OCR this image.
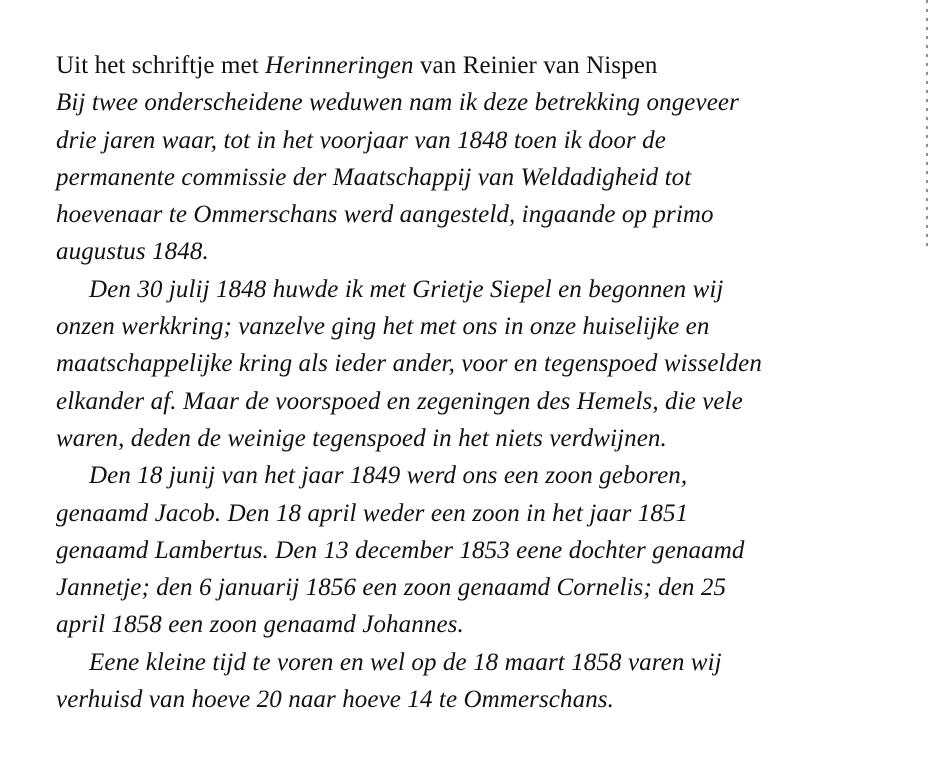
Uit het schriftje met Herinneringen van Reinier van Nispen

Bij twee onderscheidene weduwen nam ik deze betrekking ongeveer
drie jaren waar, tot in het voorjaar van 1848 toen ik door de
permanente commissie der Maatschappij van Weldadigheid tot
hoevenaar te Ommerschans werd aangesteld, ingaande op primo
augustus 1848.

Den 30 julij 1848 huwde ik met Grietje Siepel en begonnen wij
onzen werkkring; vanzelve ging het met ons in onze huiselijke en
maatschappelijke kring als ieder ander, voor en tegenspoed wisselden
elkander af. Maar de voorspoed en zegeningen des Hemels, die vele
waren, deden de weinige tegenspoed in het niets verdwijnen.

Den 18 junij van het jaar 1849 werd ons een zoon geboren,
genaamd Jacob. Den 18 april weder een zoon in het jaar 1851
genaamd Lambertus. Den 13 december 1853 eene dochter genaamd
Jannetje; den 6 januarij 1856 een zoon genaamd Cornelis; den 25
april 1858 een zoon genaamd Johannes.

Eene kleine tijd te voren en wel op de 18 maart 1858 varen wij
verhuisd van hoeve 20 naar hoeve 14 te Ommerschans.
